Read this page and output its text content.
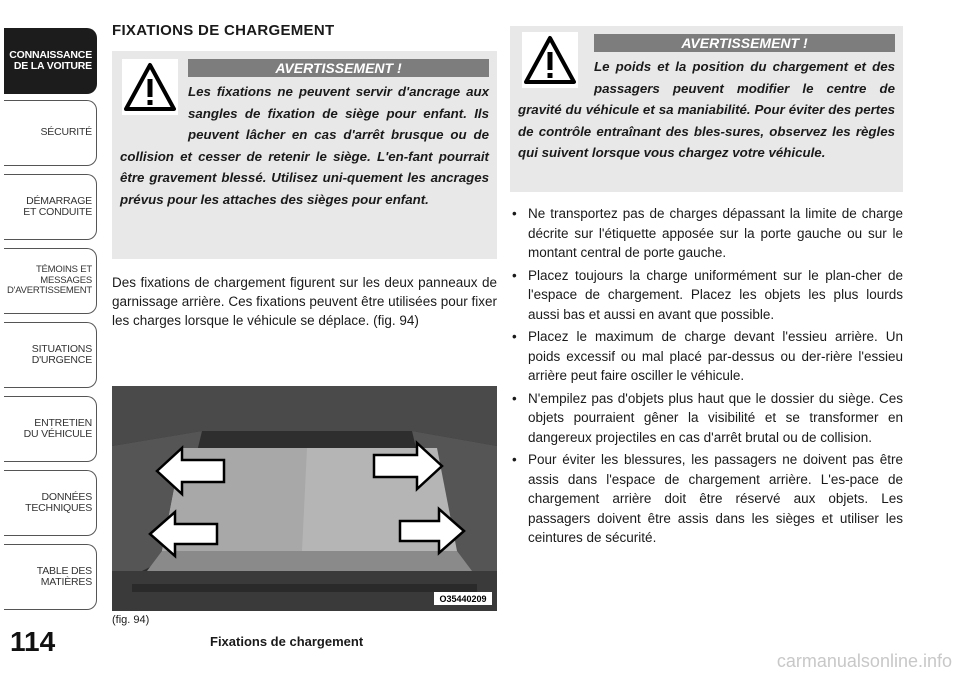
CONNAISSANCE
DE LA VOITURE
SÉCURITÉ
DÉMARRAGE
ET CONDUITE
TÉMOINS ET
MESSAGES
D'AVERTISSEMENT
SITUATIONS
D'URGENCE
ENTRETIEN
DU VÉHICULE
DONNÉES
TECHNIQUES
TABLE DES
MATIÈRES
114	Fixations de chargement
FIXATIONS DE CHARGEMENT
AVERTISSEMENT !
Les fixations ne peuvent servir d'ancrage aux sangles de fixation de siège pour enfant. Ils peuvent lâcher en cas d'arrêt brusque ou de collision et cesser de retenir le siège. L'en-fant pourrait être gravement blessé. Utilisez uni-quement les ancrages prévus pour les attaches des sièges pour enfant.
Des fixations de chargement figurent sur les deux panneaux de garnissage arrière. Ces fixations peuvent être utilisées pour fixer les charges lorsque le véhicule se déplace. (fig. 94)
O35440209
(fig. 94)
AVERTISSEMENT !
Le poids et la position du chargement et des passagers peuvent modifier le centre de gravité du véhicule et sa maniabilité. Pour éviter des pertes de contrôle entraînant des bles-sures, observez les règles qui suivent lorsque vous chargez votre véhicule.
• Ne transportez pas de charges dépassant la limite de charge décrite sur l'étiquette apposée sur la porte gauche ou sur le montant central de porte gauche.
• Placez toujours la charge uniformément sur le plan-cher de l'espace de chargement. Placez les objets les plus lourds aussi bas et aussi en avant que possible.
• Placez le maximum de charge devant l'essieu arrière. Un poids excessif ou mal placé par-dessus ou der-rière l'essieu arrière peut faire osciller le véhicule.
• N'empilez pas d'objets plus haut que le dossier du siège. Ces objets pourraient gêner la visibilité et se transformer en dangereux projectiles en cas d'arrêt brutal ou de collision.
• Pour éviter les blessures, les passagers ne doivent pas être assis dans l'espace de chargement arrière. L'es-pace de chargement arrière doit être réservé aux objets. Les passagers doivent être assis dans les sièges et utiliser les ceintures de sécurité.
carmanualsonline.info
